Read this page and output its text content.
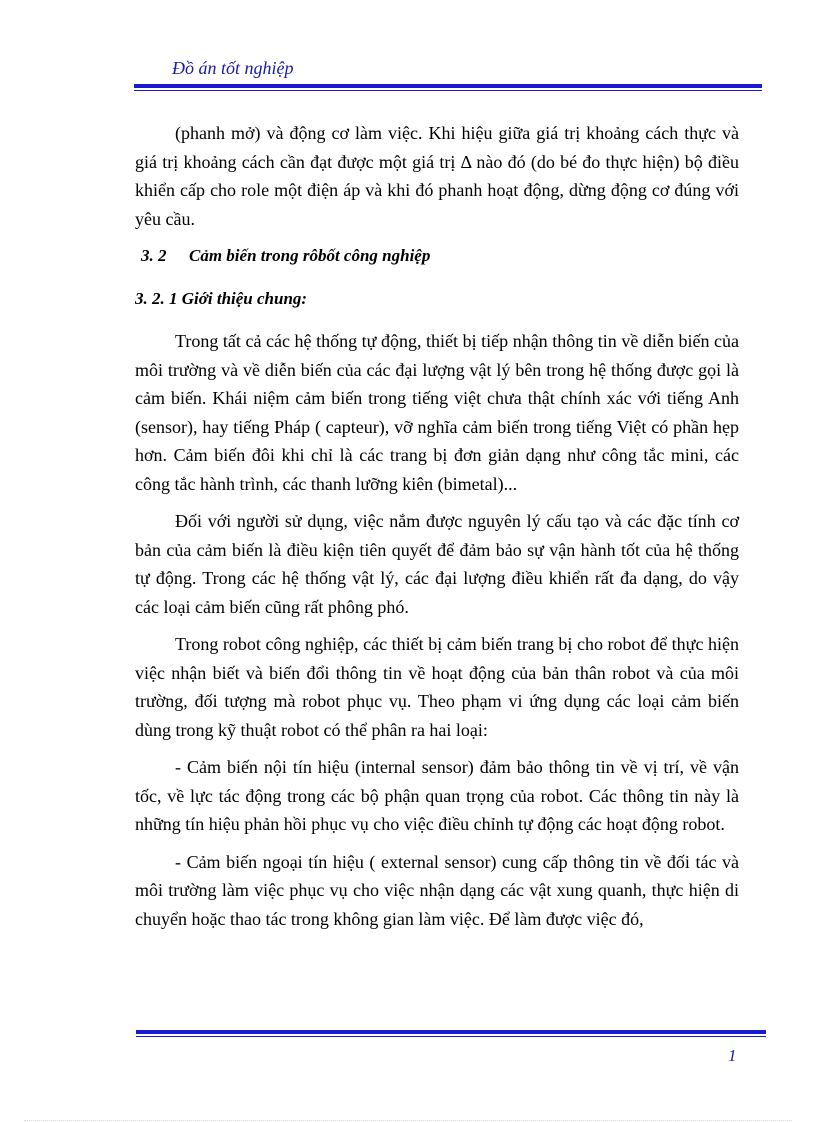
Đồ án tốt nghiệp

(phanh mở) và động cơ làm việc. Khi hiệu giữa giá trị khoảng cách thực và giá trị khoảng cách cần đạt được một giá trị Δ nào đó (do bé đo thực hiện) bộ điều khiển cấp cho role một điện áp và khi đó phanh hoạt động, dừng động cơ đúng với yêu cầu.

3. 2 Cảm biến trong rôbốt công nghiệp
3. 2. 1 Giới thiệu chung:

Trong tất cả các hệ thống tự động, thiết bị tiếp nhận thông tin về diễn biến của môi trường và về diễn biến của các đại lượng vật lý bên trong hệ thống được gọi là cảm biến. Khái niệm cảm biến trong tiếng việt chưa thật chính xác với tiếng Anh (sensor), hay tiếng Pháp ( capteur), vỡ nghĩa cảm biến trong tiếng Việt có phần hẹp hơn. Cảm biến đôi khi chỉ là các trang bị đơn giản dạng như công tắc mini, các công tắc hành trình, các thanh lưỡng kiên (bimetal)...

Đối với người sử dụng, việc nắm được nguyên lý cấu tạo và các đặc tính cơ bản của cảm biến là điều kiện tiên quyết để đảm bảo sự vận hành tốt của hệ thống tự động. Trong các hệ thống vật lý, các đại lượng điều khiển rất đa dạng, do vậy các loại cảm biến cũng rất phông phó.

Trong robot công nghiệp, các thiết bị cảm biến trang bị cho robot để thực hiện việc nhận biết và biến đổi thông tin về hoạt động của bản thân robot và của môi trường, đối tượng mà robot phục vụ. Theo phạm vi ứng dụng các loại cảm biến dùng trong kỹ thuật robot có thể phân ra hai loại:

- Cảm biến nội tín hiệu (internal sensor) đảm bảo thông tin về vị trí, về vận tốc, về lực tác động trong các bộ phận quan trọng của robot. Các thông tin này là những tín hiệu phản hồi phục vụ cho việc điều chỉnh tự động các hoạt động robot.

- Cảm biến ngoại tín hiệu ( external sensor) cung cấp thông tin về đối tác và môi trường làm việc phục vụ cho việc nhận dạng các vật xung quanh, thực hiện di chuyển hoặc thao tác trong không gian làm việc. Để làm được việc đó,

1
